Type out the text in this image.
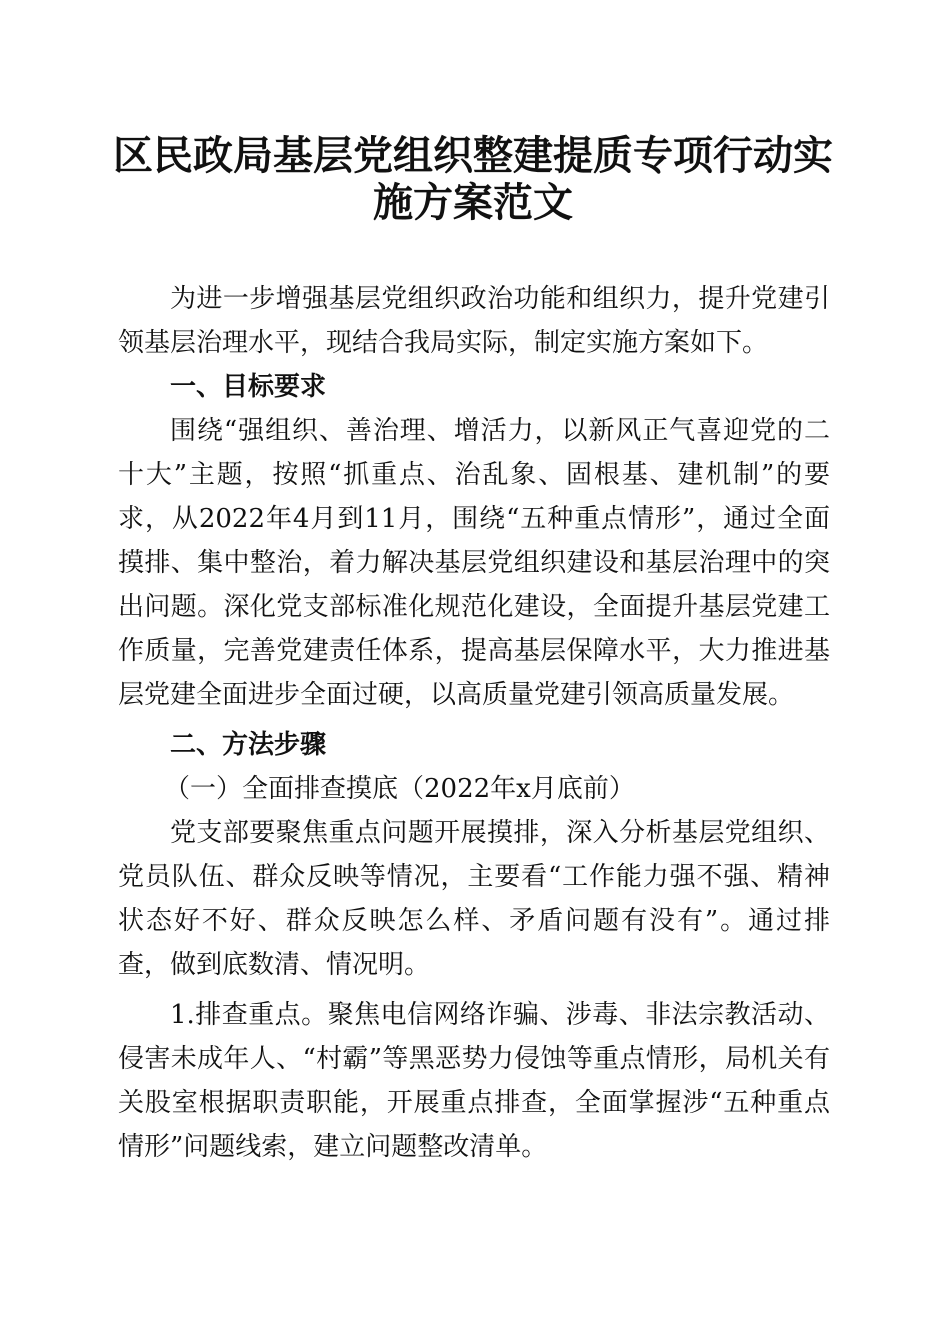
区民政局基层党组织整建提质专项行动实施方案范文

为进一步增强基层党组织政治功能和组织力，提升党建引领基层治理水平，现结合我局实际，制定实施方案如下。

一、目标要求

围绕“强组织、善治理、增活力，以新风正气喜迎党的二十大”主题，按照“抓重点、治乱象、固根基、建机制”的要求，从2022年4月到11月，围绕“五种重点情形”，通过全面摸排、集中整治，着力解决基层党组织建设和基层治理中的突出问题。深化党支部标准化规范化建设，全面提升基层党建工作质量，完善党建责任体系，提高基层保障水平，大力推进基层党建全面进步全面过硬，以高质量党建引领高质量发展。

二、方法步骤

（一）全面排查摸底（2022年x月底前）

党支部要聚焦重点问题开展摸排，深入分析基层党组织、党员队伍、群众反映等情况，主要看“工作能力强不强、精神状态好不好、群众反映怎么样、矛盾问题有没有”。通过排查，做到底数清、情况明。

1.排查重点。聚焦电信网络诈骗、涉毒、非法宗教活动、侵害未成年人、“村霸”等黑恶势力侵蚀等重点情形，局机关有关股室根据职责职能，开展重点排查，全面掌握涉“五种重点情形”问题线索，建立问题整改清单。
